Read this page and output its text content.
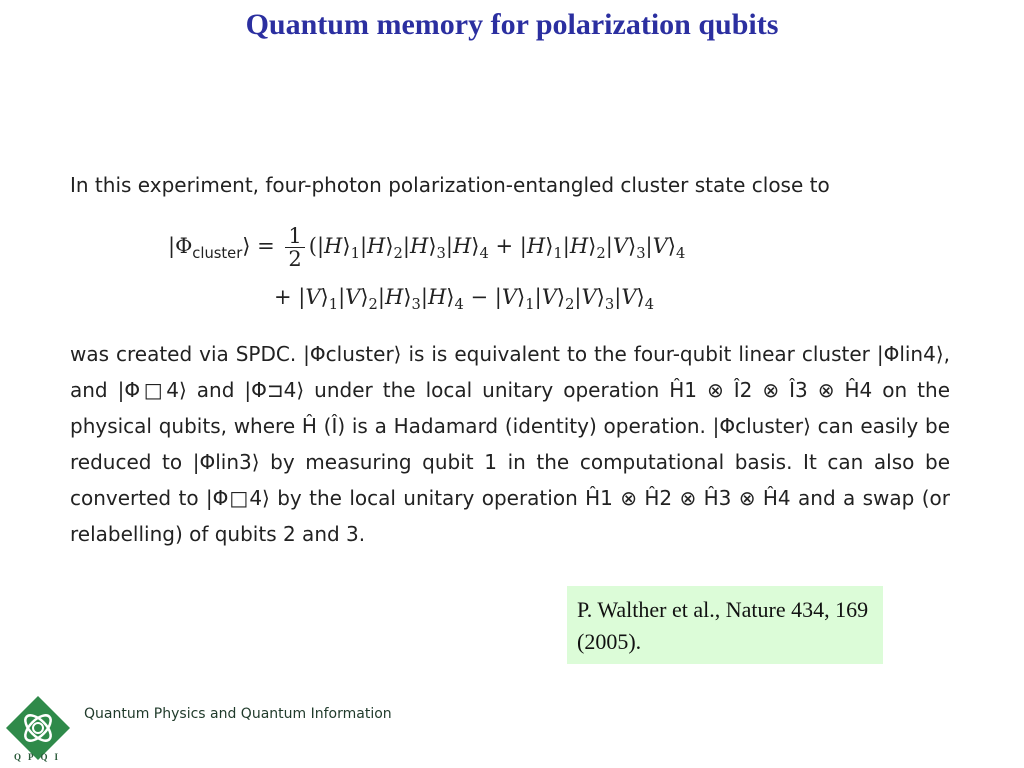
Quantum memory for polarization qubits
In this experiment, four-photon polarization-entangled cluster state close to
$|\Phi_{cluster}⟩ = \frac{1}{2}$ ($|H⟩_1|H⟩_2|H⟩_3|H⟩_4$ + $|H⟩_1|H⟩_2|V⟩_3|V⟩_4$
+ $|V⟩_1|V⟩_2|H⟩_3|H⟩_4$ − $|V⟩_1|V⟩_2|V⟩_3|V⟩_4$
was created via SPDC. |Φcluster⟩ is is equivalent to the four-qubit linear cluster |Φlin4⟩, and |Φ□4⟩ and |Φ⊐4⟩ under the local unitary operation Ĥ1 ⊗ Î2 ⊗ Î3 ⊗ Ĥ4 on the physical qubits, where Ĥ (Î) is a Hadamard (identity) operation. |Φcluster⟩ can easily be reduced to |Φlin3⟩ by measuring qubit 1 in the computational basis. It can also be converted to |Φ□4⟩ by the local unitary operation Ĥ1 ⊗ Ĥ2 ⊗ Ĥ3 ⊗ Ĥ4 and a swap (or relabelling) of qubits 2 and 3.
P. Walther et al., Nature 434, 169 (2005).
QPQI
Quantum Physics and Quantum Information
